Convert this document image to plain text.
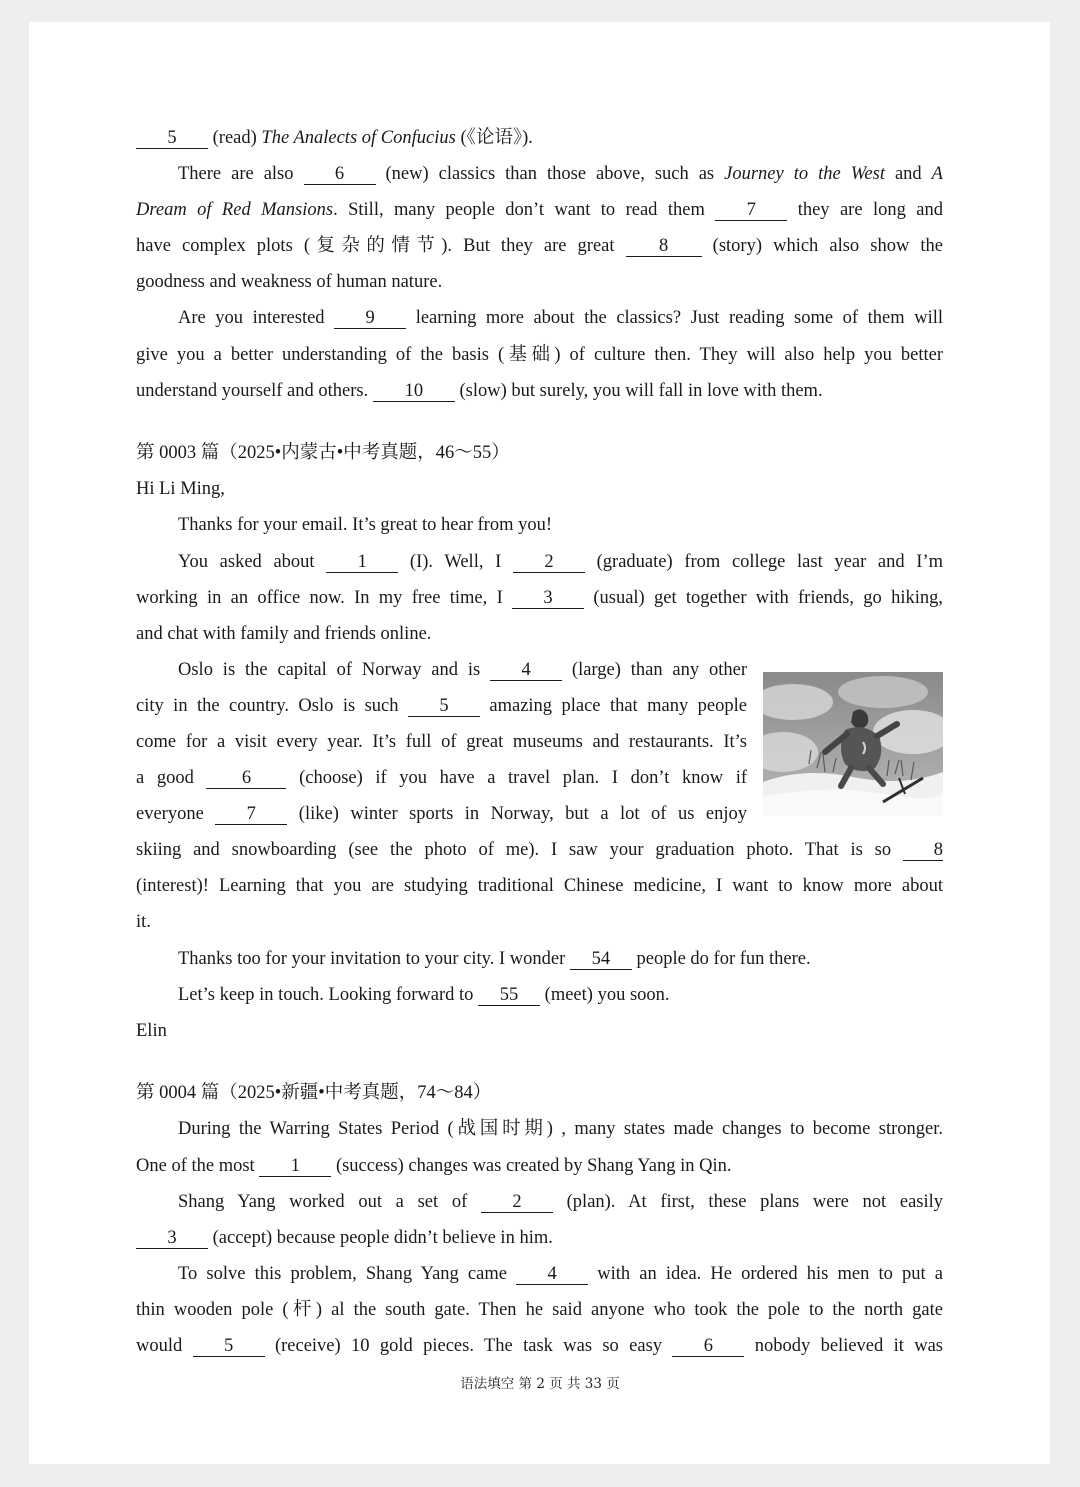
5 (read) The Analects of Confucius (《论语》).
There are also 6 (new) classics than those above, such as Journey to the West and A
Dream of Red Mansions. Still, many people don’t want to read them 7 they are long and
have complex plots (复杂的情节). But they are great 8 (story) which also show the
goodness and weakness of human nature.
Are you interested 9 learning more about the classics? Just reading some of them will
give you a better understanding of the basis (基础) of culture then. They will also help you better
understand yourself and others. 10 (slow) but surely, you will fall in love with them.
第 0003 篇（2025•内蒙古•中考真题，46～55）
Hi Li Ming,
Thanks for your email. It’s great to hear from you!
You asked about 1 (I). Well, I 2 (graduate) from college last year and I’m
working in an office now. In my free time, I 3 (usual) get together with friends, go hiking,
and chat with family and friends online.
Oslo is the capital of Norway and is 4 (large) than any other
city in the country. Oslo is such 5 amazing place that many people
come for a visit every year. It’s full of great museums and restaurants. It’s
a good 6 (choose) if you have a travel plan. I don’t know if
everyone 7 (like) winter sports in Norway, but a lot of us enjoy
skiing and snowboarding (see the photo of me). I saw your graduation photo. That is so 8
(interest)! Learning that you are studying traditional Chinese medicine, I want to know more about
it.
Thanks too for your invitation to your city. I wonder 54 people do for fun there.
Let’s keep in touch. Looking forward to 55 (meet) you soon.
Elin
第 0004 篇（2025•新疆•中考真题，74～84）
During the Warring States Period (战国时期) , many states made changes to become stronger.
One of the most 1 (success) changes was created by Shang Yang in Qin.
Shang Yang worked out a set of 2 (plan). At first, these plans were not easily
3 (accept) because people didn’t believe in him.
To solve this problem, Shang Yang came 4 with an idea. He ordered his men to put a
thin wooden pole (杆) al the south gate. Then he said anyone who took the pole to the north gate
would 5 (receive) 10 gold pieces. The task was so easy 6 nobody believed it was
语法填空 第 2 页 共 33 页
